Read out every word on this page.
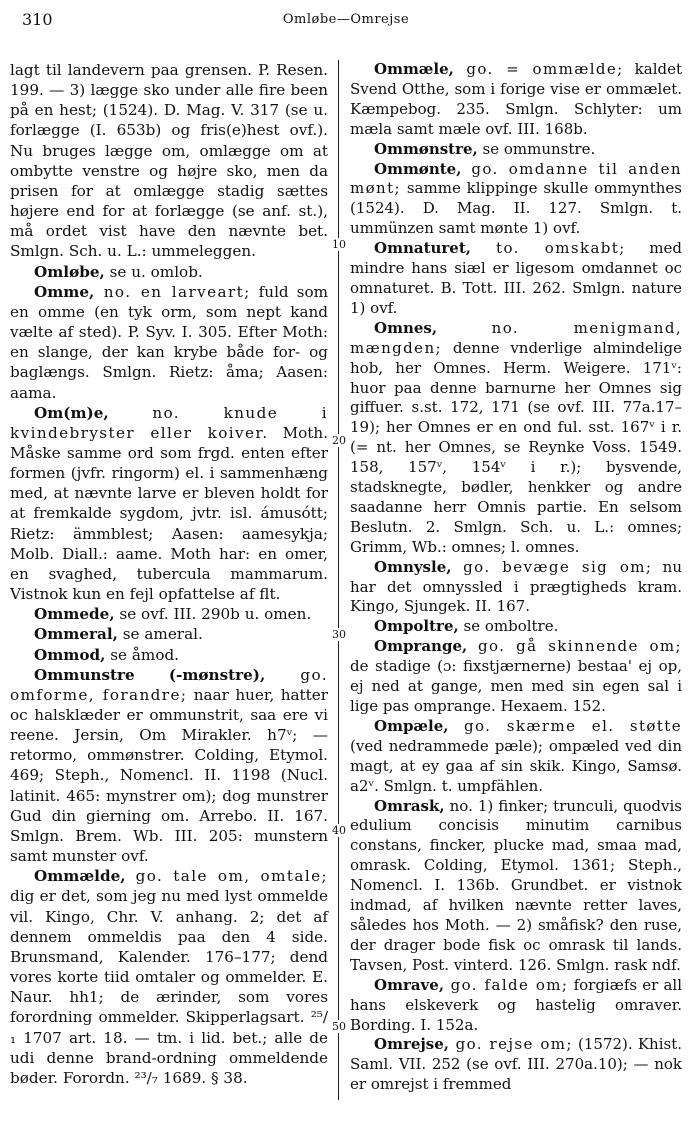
310	Omløbe—Omrejse
10
20
30
40
50

lagt til landevern paa grensen. P. Resen. 199. — 3) lægge sko under alle fire been på en hest; (1524). D. Mag. V. 317 (se u. forlægge (I. 653b) og fris(e)hest ovf.). Nu bruges lægge om, omlægge om at ombytte venstre og højre sko, men da prisen for at omlægge stadig sættes højere end for at forlægge (se anf. st.), må ordet vist have den nævnte bet. Smlgn. Sch. u. L.: ummeleggen.

Omløbe, se u. omlob.

Omme, no. en larveart; fuld som en omme (en tyk orm, som nept kand vælte af sted). P. Syv. I. 305. Efter Moth: en slange, der kan krybe både for- og baglængs. Smlgn. Rietz: åma; Aasen: aama.

Om(m)e, no. knude i kvindebryster eller koiver. Moth. Måske samme ord som frgd. enten efter formen (jvfr. ringorm) el. i sammenhæng med, at nævnte larve er bleven holdt for at fremkalde sygdom, jvtr. isl. ámusótt; Rietz: ämmblest; Aasen: aamesykja; Molb. Diall.: aame. Moth har: en omer, en svaghed, tubercula mammarum. Vistnok kun en fejl opfattelse af flt.

Ommede, se ovf. III. 290b u. omen.

Ommeral, se ameral.

Ommod, se åmod.

Ommunstre (-mønstre), go. omforme, forandre; naar huer, hatter oc halsklæder er ommunstrit, saa ere vi reene. Jersin, Om Mirakler. h7ᵛ; — retormo, ommønstrer. Colding, Etymol. 469; Steph., Nomencl. II. 1198 (Nucl. latinit. 465: mynstrer om); dog munstrer Gud din gierning om. Arrebo. II. 167. Smlgn. Brem. Wb. III. 205: munstern samt munster ovf.

Ommælde, go. tale om, omtale; dig er det, som jeg nu med lyst ommelde vil. Kingo, Chr. V. anhang. 2; det af dennem ommeldis paa den 4 side. Brunsmand, Kalender. 176–177; dend vores korte tiid omtaler og ommelder. E. Naur. hh1; de ærinder, som vores forordning ommelder. Skipperlagsart. ²⁵/₁ 1707 art. 18. — tm. i lid. bet.; alle de udi denne brand-ordning ommeldende bøder. Forordn. ²³/₇ 1689. § 38.

Ommæle, go. = ommælde; kaldet Svend Otthe, som i forige vise er ommælet. Kæmpebog. 235. Smlgn. Schlyter: um mæla samt mæle ovf. III. 168b.

Ommønstre, se ommunstre.

Ommønte, go. omdanne til anden mønt; samme klippinge skulle ommynthes (1524). D. Mag. II. 127. Smlgn. t. ummünzen samt mønte 1) ovf.

Omnaturet, to. omskabt; med mindre hans siæl er ligesom omdannet oc omnaturet. B. Tott. III. 262. Smlgn. nature 1) ovf.

Omnes, no. menigmand, mængden; denne vnderlige almindelige hob, her Omnes. Herm. Weigere. 171ᵛ: huor paa denne barnurne her Omnes sig giffuer. s.st. 172, 171 (se ovf. III. 77a.17–19); her Omnes er en ond ful. sst. 167ᵛ i r. (= nt. her Omnes, se Reynke Voss. 1549. 158, 157ᵛ, 154ᵛ i r.); bysvende, stadsknegte, bødler, henkker og andre saadanne herr Omnis partie. En selsom Beslutn. 2. Smlgn. Sch. u. L.: omnes; Grimm, Wb.: omnes; l. omnes.

Omnysle, go. bevæge sig om; nu har det omnyssled i prægtigheds kram. Kingo, Sjungek. II. 167.

Ompoltre, se omboltre.

Omprange, go. gå skinnende om; de stadige (ɔ: fixstjærnerne) bestaa' ej op, ej ned at gange, men med sin egen sal i lige pas omprange. Hexaem. 152.

Ompæle, go. skærme el. støtte (ved nedrammede pæle); ompæled ved din magt, at ey gaa af sin skik. Kingo, Samsø. a2ᵛ. Smlgn. t. umpfählen.

Omrask, no. 1) finker; trunculi, quodvis edulium concisis minutim carnibus constans, fincker, plucke mad, smaa mad, omrask. Colding, Etymol. 1361; Steph., Nomencl. I. 136b. Grundbet. er vistnok indmad, af hvilken nævnte retter laves, således hos Moth. — 2) småfisk? den ruse, der drager bode fisk oc omrask til lands. Tavsen, Post. vinterd. 126. Smlgn. rask ndf.

Omrave, go. falde om; forgiæfs er all hans elskeverk og hastelig omraver. Bording. I. 152a.

Omrejse, go. rejse om; (1572). Khist. Saml. VII. 252 (se ovf. III. 270a.10); — nok er omrejst i fremmed
